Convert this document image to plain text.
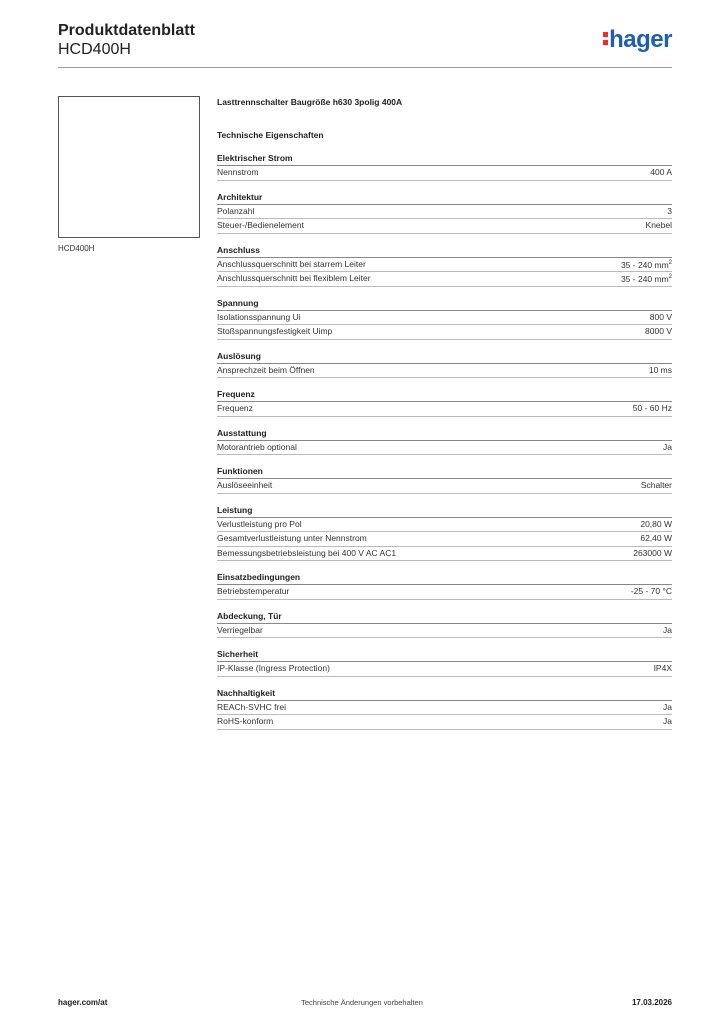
Produktdatenblatt
HCD400H	hager
HCD400H
Lasttrennschalter Baugröße h630 3polig 400A
Technische Eigenschaften
Elektrischer Strom
Nennstrom	400 A
Architektur
Polanzahl	3
Steuer-/Bedienelement	Knebel
Anschluss
Anschlussquerschnitt bei starrem Leiter	35 - 240 $mm^2$
Anschlussquerschnitt bei flexiblem Leiter	35 - 240 $mm^2$
Spannung
Isolationsspannung Ui	800 V
Stoßspannungsfestigkeit Uimp	8000 V
Auslösung
Ansprechzeit beim Öffnen	10 ms
Frequenz
Frequenz	50 - 60 Hz
Ausstattung
Motorantrieb optional	Ja
Funktionen
Auslöseeinheit	Schalter
Leistung
Verlustleistung pro Pol	20,80 W
Gesamtverlustleistung unter Nennstrom	62,40 W
Bemessungsbetriebsleistung bei 400 V AC AC1	263000 W
Einsatzbedingungen
Betriebstemperatur	-25 - 70 °C
Abdeckung, Tür
Verriegelbar	Ja
Sicherheit
IP-Klasse (Ingress Protection)	IP4X
Nachhaltigkeit
REACh-SVHC frei	Ja
RoHS-konform	Ja
hager.com/at	Technische Änderungen vorbehalten	17.03.2026
